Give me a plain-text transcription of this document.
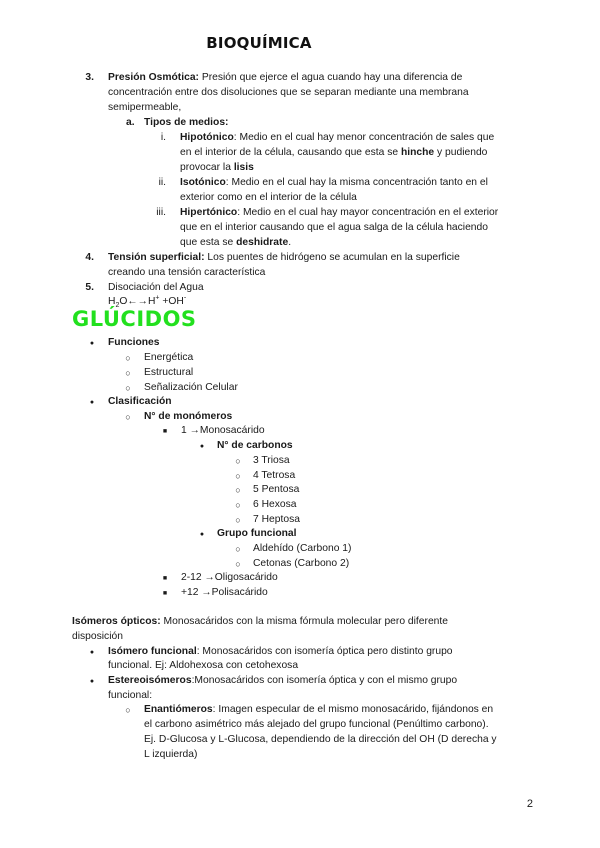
BIOQUÍMICA
3. Presión Osmótica: Presión que ejerce el agua cuando hay una diferencia de
concentración entre dos disoluciones que se separan mediante una membrana
semipermeable,
a. Tipos de medios:
i. Hipotónico: Medio en el cual hay menor concentración de sales que
en el interior de la célula, causando que esta se hinche y pudiendo
provocar la lisis
ii. Isotónico: Medio en el cual hay la misma concentración tanto en el
exterior como en el interior de la célula
iii. Hipertónico: Medio en el cual hay mayor concentración en el exterior
que en el interior causando que el agua salga de la célula haciendo
que esta se deshidrate.
4. Tensión superficial: Los puentes de hidrógeno se acumulan en la superficie
creando una tensión característica
5. Disociación del Agua
$H_2O\leftarrow\to H^+ +OH^-$
GLÚCIDOS
●
Funciones
○
Energética
○
Estructural
○
Señalización Celular
●
Clasificación
○
N° de monómeros
■
1 →Monosacárido
●
N° de carbonos
○
3 Triosa
○
4 Tetrosa
○
5 Pentosa
○
6 Hexosa
○
7 Heptosa
●
Grupo funcional
○
Aldehído (Carbono 1)
○
Cetonas (Carbono 2)
■
2-12 →Oligosacárido
■
+12 →Polisacárido
Isómeros ópticos: Monosacáridos con la misma fórmula molecular pero diferente
disposición
●
Isómero funcional: Monosacáridos con isomería óptica pero distinto grupo
funcional. Ej: Aldohexosa con cetohexosa
●
Estereoisómeros:Monosacáridos con isomería óptica y con el mismo grupo
funcional:
○
Enantiómeros: Imagen especular de el mismo monosacárido, fijándonos en
el carbono asimétrico más alejado del grupo funcional (Penúltimo carbono).
Ej. D-Glucosa y L-Glucosa, dependiendo de la dirección del OH (D derecha y
L izquierda)
2
